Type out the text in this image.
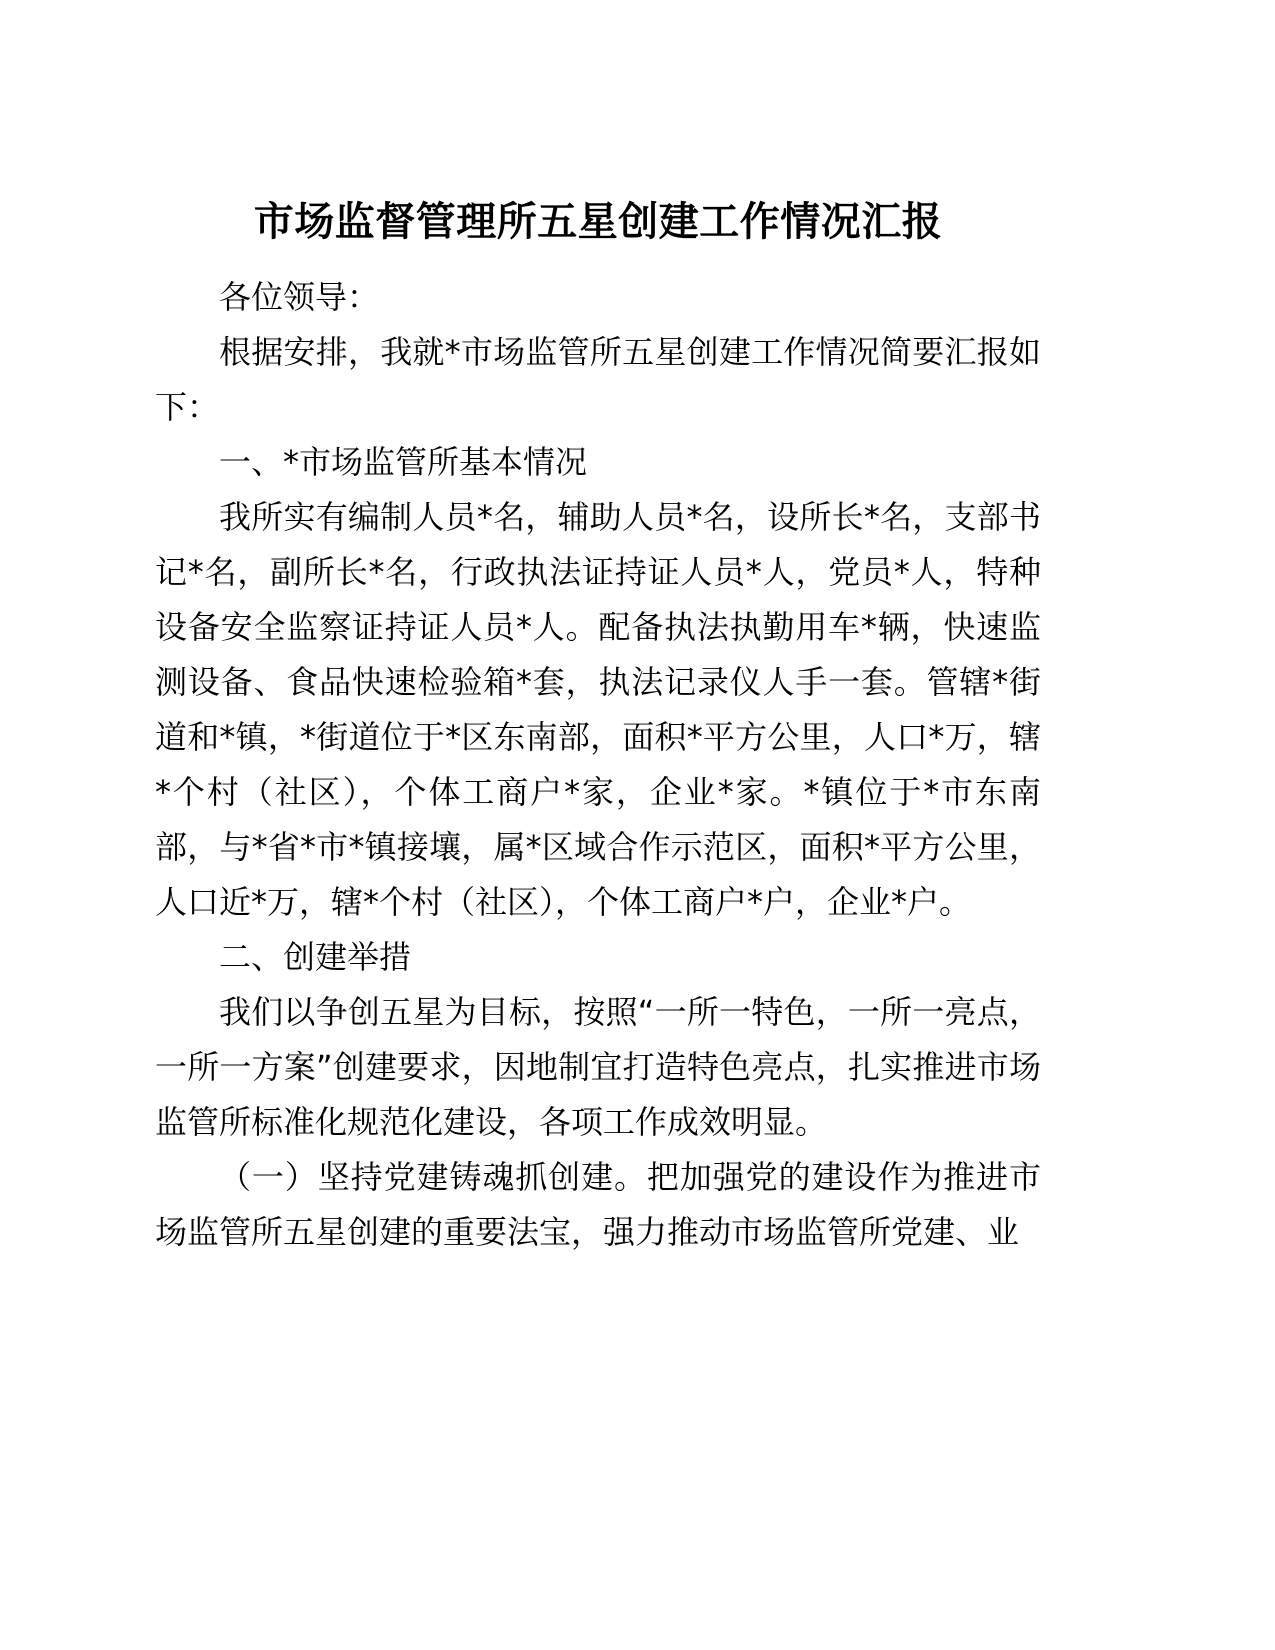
市场监督管理所五星创建工作情况汇报

各位领导：

根据安排，我就*市场监管所五星创建工作情况简要汇报如下：

一、*市场监管所基本情况

我所实有编制人员*名，辅助人员*名，设所长*名，支部书记*名，副所长*名，行政执法证持证人员*人，党员*人，特种设备安全监察证持证人员*人。配备执法执勤用车*辆，快速监测设备、食品快速检验箱*套，执法记录仪人手一套。管辖*街道和*镇，*街道位于*区东南部，面积*平方公里，人口*万，辖*个村（社区），个体工商户*家，企业*家。*镇位于*市东南部，与*省*市*镇接壤，属*区域合作示范区，面积*平方公里，人口近*万，辖*个村（社区），个体工商户*户，企业*户。

二、创建举措

我们以争创五星为目标，按照“一所一特色，一所一亮点，一所一方案”创建要求，因地制宜打造特色亮点，扎实推进市场监管所标准化规范化建设，各项工作成效明显。

（一）坚持党建铸魂抓创建。把加强党的建设作为推进市场监管所五星创建的重要法宝，强力推动市场监管所党建、业
